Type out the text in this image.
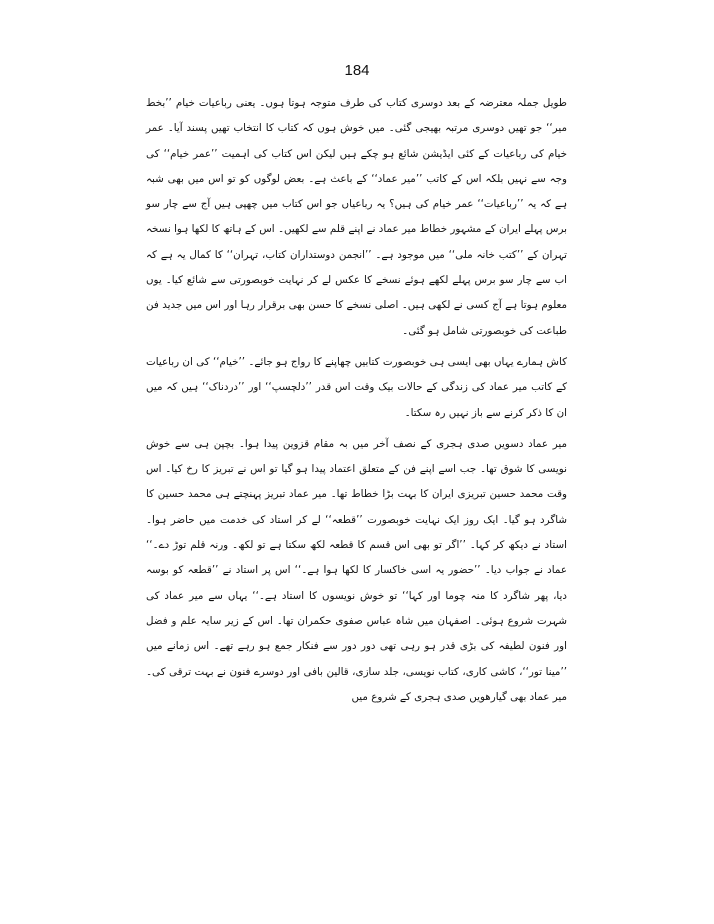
184

طویل جملہ معترضہ کے بعد دوسری کتاب کی طرف متوجہ ہوتا ہوں۔ یعنی رباعیات خیام ’’بخط میر‘‘ جو تھیں دوسری مرتبہ بھیجی گئی۔ میں خوش ہوں کہ کتاب کا انتخاب تھیں پسند آیا۔ عمر خیام کی رباعیات کے کئی ایڈیشن شائع ہو چکے ہیں لیکن اس کتاب کی اہمیت ’’عمر خیام‘‘ کی وجہ سے نہیں بلکہ اس کے کاتب ’’میر عماد‘‘ کے باعث ہے۔ بعض لوگوں کو تو اس میں بھی شبہ ہے کہ یہ ’’رباعیات‘‘ عمر خیام کی ہیں؟ یہ رباعیاں جو اس کتاب میں چھپی ہیں آج سے چار سو برس پہلے ایران کے مشہور خطاط میر عماد نے اپنے قلم سے لکھیں۔ اس کے ہاتھ کا لکھا ہوا نسخہ تہران کے ’’کتب خانہ ملی‘‘ میں موجود ہے۔ ’’انجمن دوستداران کتاب، تہران‘‘ کا کمال یہ ہے کہ اب سے چار سو برس پہلے لکھے ہوئے نسخے کا عکس لے کر نہایت خوبصورتی سے شائع کیا۔ یوں معلوم ہوتا ہے آج کسی نے لکھی ہیں۔ اصلی نسخے کا حسن بھی برقرار رہا اور اس میں جدید فن طباعت کی خوبصورتی شامل ہو گئی۔

کاش ہمارے یہاں بھی ایسی ہی خوبصورت کتابیں چھاپنے کا رواج ہو جائے۔ ’’خیام‘‘ کی ان رباعیات کے کاتب میر عماد کی زندگی کے حالات بیک وقت اس قدر ’’دلچسپ‘‘ اور ’’دردناک‘‘ ہیں کہ میں ان کا ذکر کرنے سے باز نہیں رہ سکتا۔

میر عماد دسویں صدی ہجری کے نصف آخر میں بہ مقام قزوین پیدا ہوا۔ بچپن ہی سے خوش نویسی کا شوق تھا۔ جب اسے اپنے فن کے متعلق اعتماد پیدا ہو گیا تو اس نے تبریز کا رخ کیا۔ اس وقت محمد حسین تبریزی ایران کا بہت بڑا خطاط تھا۔ میر عماد تبریز پہنچتے ہی محمد حسین کا شاگرد ہو گیا۔ ایک روز ایک نہایت خوبصورت ’’قطعہ‘‘ لے کر استاد کی خدمت میں حاضر ہوا۔ استاد نے دیکھ کر کہا۔ ’’اگر تو بھی اس قسم کا قطعہ لکھ سکتا ہے تو لکھ۔ ورنہ قلم توڑ دے۔‘‘ عماد نے جواب دیا۔ ’’حضور یہ اسی خاکسار کا لکھا ہوا ہے۔‘‘ اس پر استاد نے ’’قطعہ کو بوسہ دیا، پھر شاگرد کا منہ چوما اور کہا‘‘ تو خوش نویسوں کا استاد ہے۔‘‘ یہاں سے میر عماد کی شہرت شروع ہوئی۔ اصفہان میں شاہ عباس صفوی حکمران تھا۔ اس کے زیر سایہ علم و فضل اور فنون لطیفہ کی بڑی قدر ہو رہی تھی دور دور سے فنکار جمع ہو رہے تھے۔ اس زمانے میں ’’مینا تور‘‘، کاشی کاری، کتاب نویسی، جلد سازی، قالین بافی اور دوسرے فنون نے بہت ترقی کی۔ میر عماد بھی گیارھویں صدی ہجری کے شروع میں
